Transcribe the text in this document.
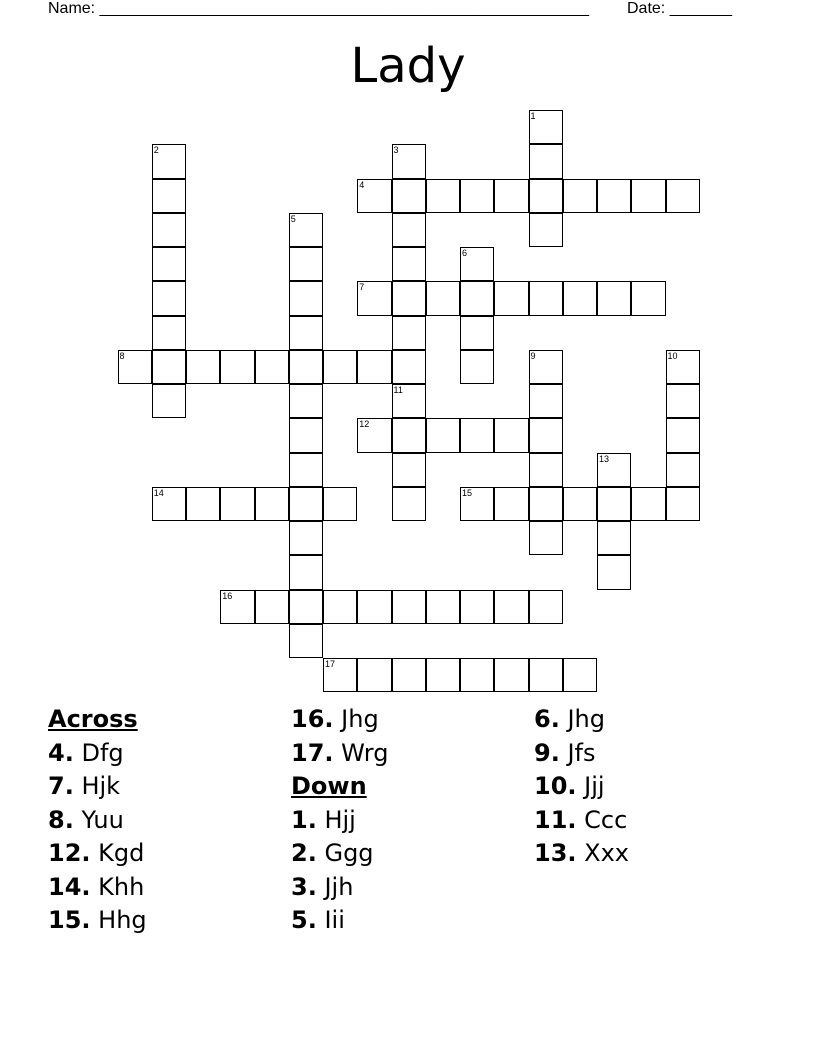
Name: _______________________________________________________ Date: _______
Lady
1
2	3
4
5
6
7
8	9	10
11
12
13
14	15
16
17
Across
4. Dfg
7. Hjk
8. Yuu
12. Kgd
14. Khh
15. Hhg
16. Jhg
17. Wrg
Down
1. Hjj
2. Ggg
3. Jjh
5. Iii
6. Jhg
9. Jfs
10. Jjj
11. Ccc
13. Xxx
